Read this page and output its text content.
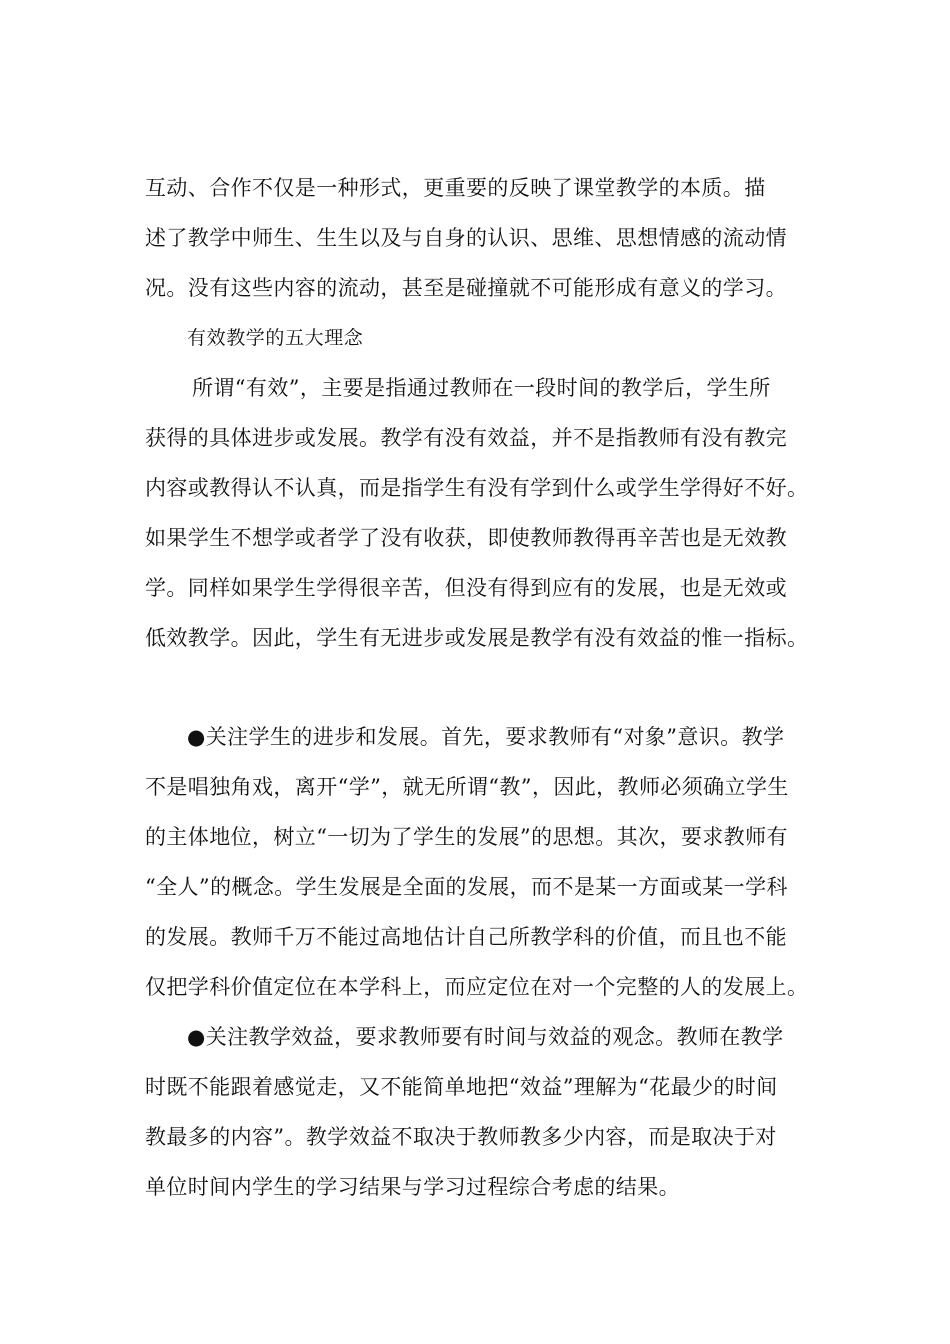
互动、合作不仅是一种形式，更重要的反映了课堂教学的本质。描
述了教学中师生、生生以及与自身的认识、思维、思想情感的流动情
况。没有这些内容的流动，甚至是碰撞就不可能形成有意义的学习。
有效教学的五大理念
所谓“有效”，主要是指通过教师在一段时间的教学后，学生所
获得的具体进步或发展。教学有没有效益，并不是指教师有没有教完
内容或教得认不认真，而是指学生有没有学到什么或学生学得好不好。
如果学生不想学或者学了没有收获，即使教师教得再辛苦也是无效教
学。同样如果学生学得很辛苦，但没有得到应有的发展，也是无效或
低效教学。因此，学生有无进步或发展是教学有没有效益的惟一指标。
●关注学生的进步和发展。首先，要求教师有“对象”意识。教学
不是唱独角戏，离开“学”，就无所谓“教”，因此，教师必须确立学生
的主体地位，树立“一切为了学生的发展”的思想。其次，要求教师有
“全人”的概念。学生发展是全面的发展，而不是某一方面或某一学科
的发展。教师千万不能过高地估计自己所教学科的价值，而且也不能
仅把学科价值定位在本学科上，而应定位在对一个完整的人的发展上。
●关注教学效益，要求教师要有时间与效益的观念。教师在教学
时既不能跟着感觉走，又不能简单地把“效益”理解为“花最少的时间
教最多的内容”。教学效益不取决于教师教多少内容，而是取决于对
单位时间内学生的学习结果与学习过程综合考虑的结果。
